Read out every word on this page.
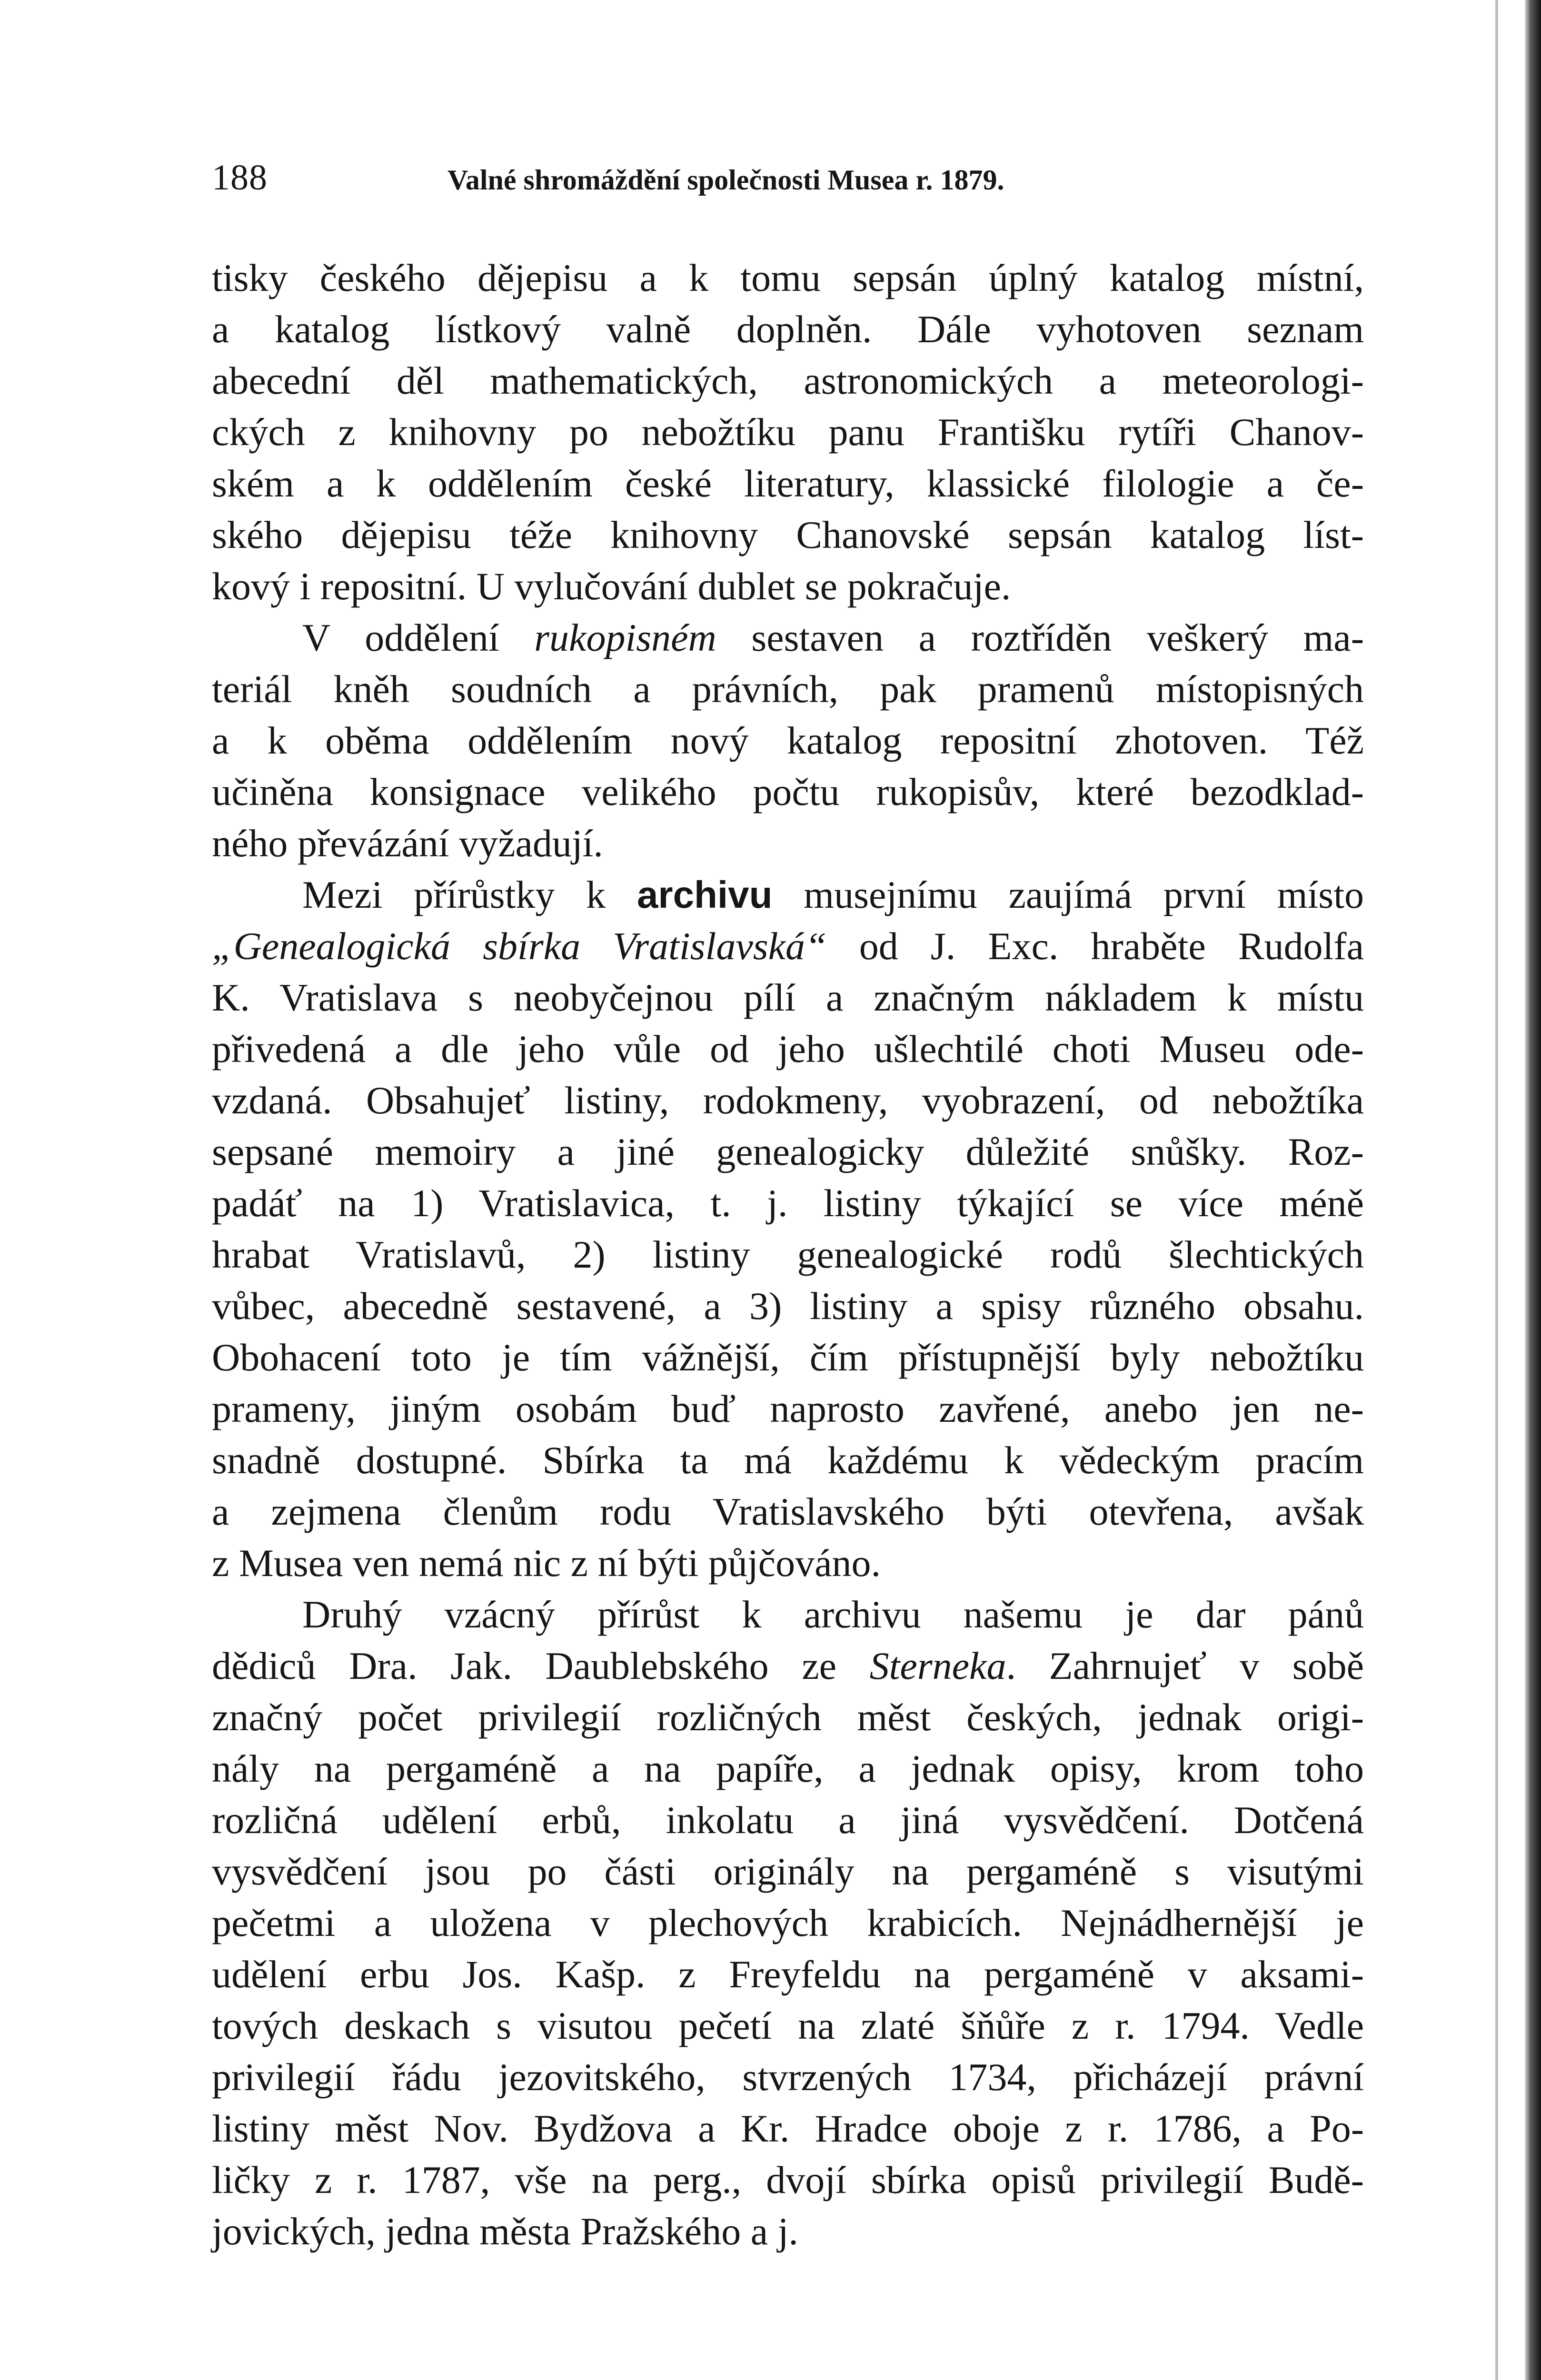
188	Valné shromáždění společnosti Musea r. 1879.
tisky českého dějepisu a k tomu sepsán úplný katalog místní,
a katalog lístkový valně doplněn. Dále vyhotoven seznam
abecední děl mathematických, astronomických a meteorologi-
ckých z knihovny po nebožtíku panu Františku rytíři Chanov-
ském a k oddělením české literatury, klassické filologie a če-
ského dějepisu téže knihovny Chanovské sepsán katalog líst-
kový i repositní. U vylučování dublet se pokračuje.
V oddělení rukopisném sestaven a roztříděn veškerý ma-
teriál kněh soudních a právních, pak pramenů místopisných
a k oběma oddělením nový katalog repositní zhotoven. Též
učiněna konsignace velikého počtu rukopisův, které bezodklad-
ného převázání vyžadují.
Mezi přírůstky k archivu musejnímu zaujímá první místo
„Genealogická sbírka Vratislavská“ od J. Exc. hraběte Rudolfa
K. Vratislava s neobyčejnou pílí a značným nákladem k místu
přivedená a dle jeho vůle od jeho ušlechtilé choti Museu ode-
vzdaná. Obsahujeť listiny, rodokmeny, vyobrazení, od nebožtíka
sepsané memoiry a jiné genealogicky důležité snůšky. Roz-
padáť na 1) Vratislavica, t. j. listiny týkající se více méně
hrabat Vratislavů, 2) listiny genealogické rodů šlechtických
vůbec, abecedně sestavené, a 3) listiny a spisy různého obsahu.
Obohacení toto je tím vážnější, čím přístupnější byly nebožtíku
prameny, jiným osobám buď naprosto zavřené, anebo jen ne-
snadně dostupné. Sbírka ta má každému k vědeckým pracím
a zejmena členům rodu Vratislavského býti otevřena, avšak
z Musea ven nemá nic z ní býti půjčováno.
Druhý vzácný přírůst k archivu našemu je dar pánů
dědiců Dra. Jak. Daublebského ze Sterneka. Zahrnujeť v sobě
značný počet privilegií rozličných měst českých, jednak origi-
nály na pergaméně a na papíře, a jednak opisy, krom toho
rozličná udělení erbů, inkolatu a jiná vysvědčení. Dotčená
vysvědčení jsou po části originály na pergaméně s visutými
pečetmi a uložena v plechových krabicích. Nejnádhernější je
udělení erbu Jos. Kašp. z Freyfeldu na pergaméně v aksami-
tových deskach s visutou pečetí na zlaté šňůře z r. 1794. Vedle
privilegií řádu jezovitského, stvrzených 1734, přicházejí právní
listiny měst Nov. Bydžova a Kr. Hradce oboje z r. 1786, a Po-
ličky z r. 1787, vše na perg., dvojí sbírka opisů privilegií Budě-
jovických, jedna města Pražského a j.
